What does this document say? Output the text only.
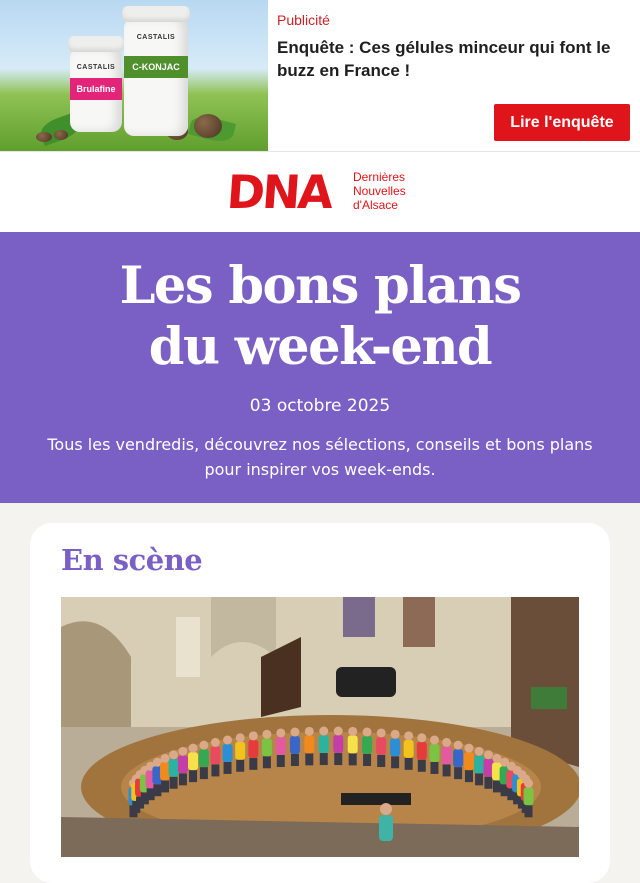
CASTALIS
Brulafine
CASTALIS
C-KONJAC

Publicité

Enquête : Ces gélules minceur qui font le buzz en France !

Lire l'enquête
DNA Dernières
Nouvelles
d'Alsace
Les bons plans
du week-end

03 octobre 2025

Tous les vendredis, découvrez nos sélections, conseils et bons plans pour inspirer vos week-ends.

En scène
